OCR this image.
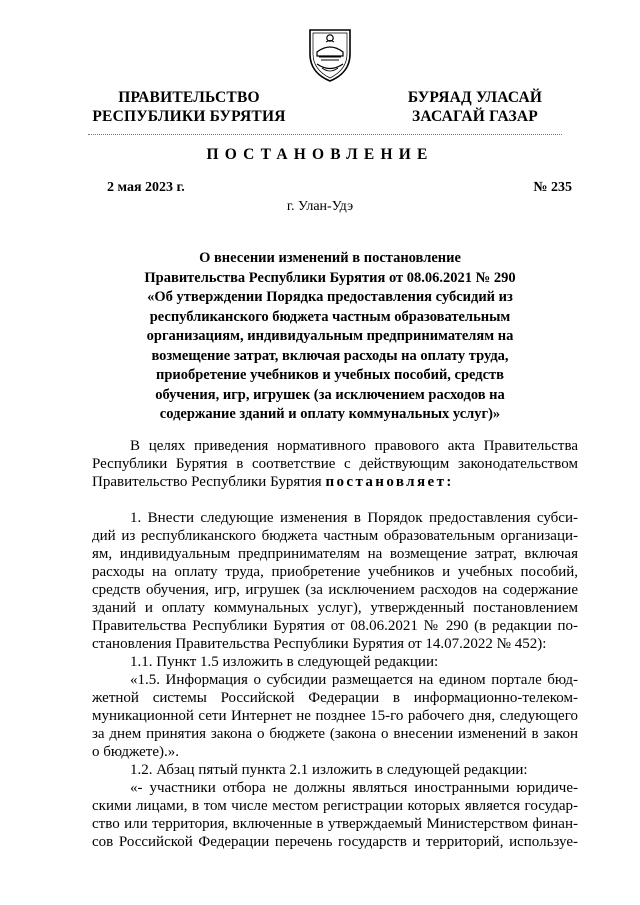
ПРАВИТЕЛЬСТВО
РЕСПУБЛИКИ БУРЯТИЯ
БУРЯАД УЛАСАЙ
ЗАСАГАЙ ГАЗАР
ПОСТАНОВЛЕНИЕ
2 мая 2023 г.	№ 235
г. Улан-Удэ
О внесении изменений в постановление
Правительства Республики Бурятия от 08.06.2021 № 290
«Об утверждении Порядка предоставления субсидий из
республиканского бюджета частным образовательным
организациям, индивидуальным предпринимателям на
возмещение затрат, включая расходы на оплату труда,
приобретение учебников и учебных пособий, средств
обучения, игр, игрушек (за исключением расходов на
содержание зданий и оплату коммунальных услуг)»
В целях приведения нормативного правового акта Правительства
Республики Бурятия в соответствие с действующим законодательством
Правительство Республики Бурятия постановляет:
1. Внести следующие изменения в Порядок предоставления субси-
дий из республиканского бюджета частным образовательным организаци-
ям, индивидуальным предпринимателям на возмещение затрат, включая
расходы на оплату труда, приобретение учебников и учебных пособий,
средств обучения, игр, игрушек (за исключением расходов на содержание
зданий и оплату коммунальных услуг), утвержденный постановлением
Правительства Республики Бурятия от 08.06.2021 № 290 (в редакции по-
становления Правительства Республики Бурятия от 14.07.2022 № 452):
1.1. Пункт 1.5 изложить в следующей редакции:
«1.5. Информация о субсидии размещается на едином портале бюд-
жетной системы Российской Федерации в информационно-телеком-
муникационной сети Интернет не позднее 15-го рабочего дня, следующего
за днем принятия закона о бюджете (закона о внесении изменений в закон
о бюджете).».
1.2. Абзац пятый пункта 2.1 изложить в следующей редакции:
«- участники отбора не должны являться иностранными юридиче-
скими лицами, в том числе местом регистрации которых является государ-
ство или территория, включенные в утверждаемый Министерством финан-
сов Российской Федерации перечень государств и территорий, используе-
